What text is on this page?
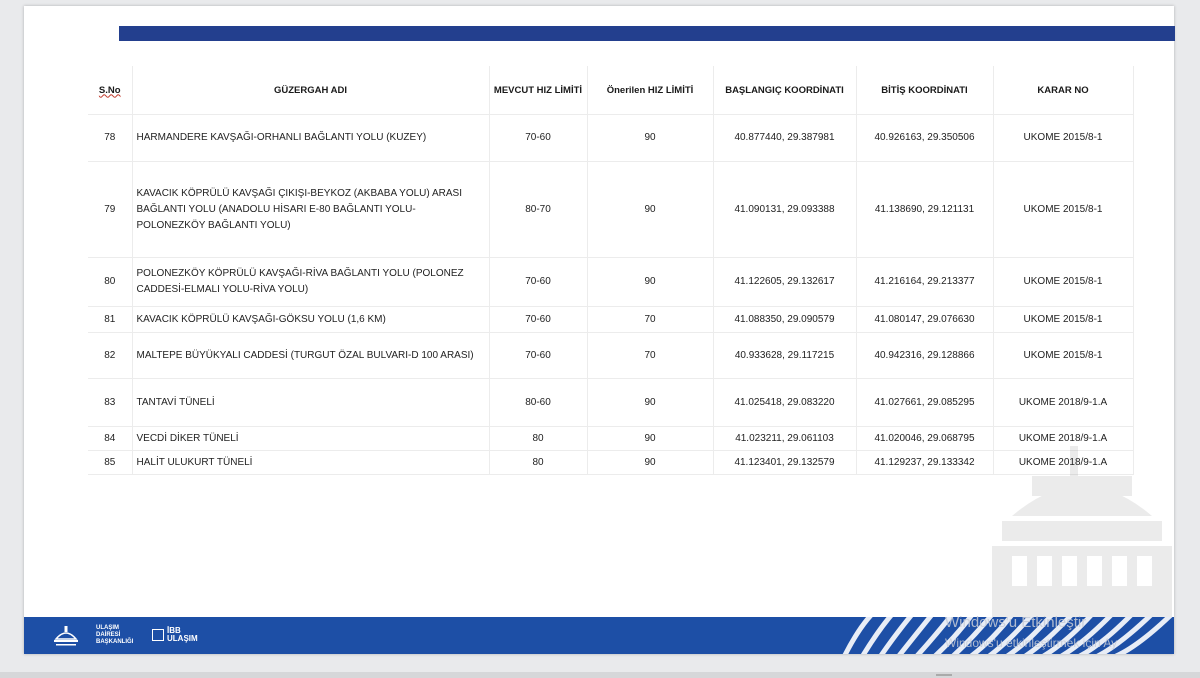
S.No	GÜZERGAH ADI	MEVCUT HIZ LİMİTİ	Önerilen HIZ LİMİTİ	BAŞLANGIÇ KOORDİNATI	BİTİŞ KOORDİNATI	KARAR NO
78	HARMANDERE KAVŞAĞI-ORHANLI BAĞLANTI YOLU (KUZEY)	70-60	90	40.877440, 29.387981	40.926163, 29.350506	UKOME 2015/8-1
79	KAVACIK KÖPRÜLÜ KAVŞAĞI ÇIKIŞI-BEYKOZ (AKBABA YOLU) ARASI BAĞLANTI YOLU (ANADOLU HİSARI E-80 BAĞLANTI YOLU-POLONEZKÖY BAĞLANTI YOLU)	80-70	90	41.090131, 29.093388	41.138690, 29.121131	UKOME 2015/8-1
80	POLONEZKÖY KÖPRÜLÜ KAVŞAĞI-RİVA BAĞLANTI YOLU (POLONEZ CADDESİ-ELMALI YOLU-RİVA YOLU)	70-60	90	41.122605, 29.132617	41.216164, 29.213377	UKOME 2015/8-1
81	KAVACIK KÖPRÜLÜ KAVŞAĞI-GÖKSU YOLU (1,6 KM)	70-60	70	41.088350, 29.090579	41.080147, 29.076630	UKOME 2015/8-1
82	MALTEPE BÜYÜKYALI CADDESİ (TURGUT ÖZAL BULVARI-D 100 ARASI)	70-60	70	40.933628, 29.117215	40.942316, 29.128866	UKOME 2015/8-1
83	TANTAVİ TÜNELİ	80-60	90	41.025418, 29.083220	41.027661, 29.085295	UKOME 2018/9-1.A
84	VECDİ DİKER TÜNELİ	80	90	41.023211, 29.061103	41.020046, 29.068795	UKOME 2018/9-1.A
85	HALİT ULUKURT TÜNELİ	80	90	41.123401, 29.132579	41.129237, 29.133342	UKOME 2018/9-1.A
ULAŞIM
DAİRESİ
BAŞKANLIĞI
İBB
ULAŞIM
Windows'u Etkinleştir
Windows'u etkinleştirmek için Ay
